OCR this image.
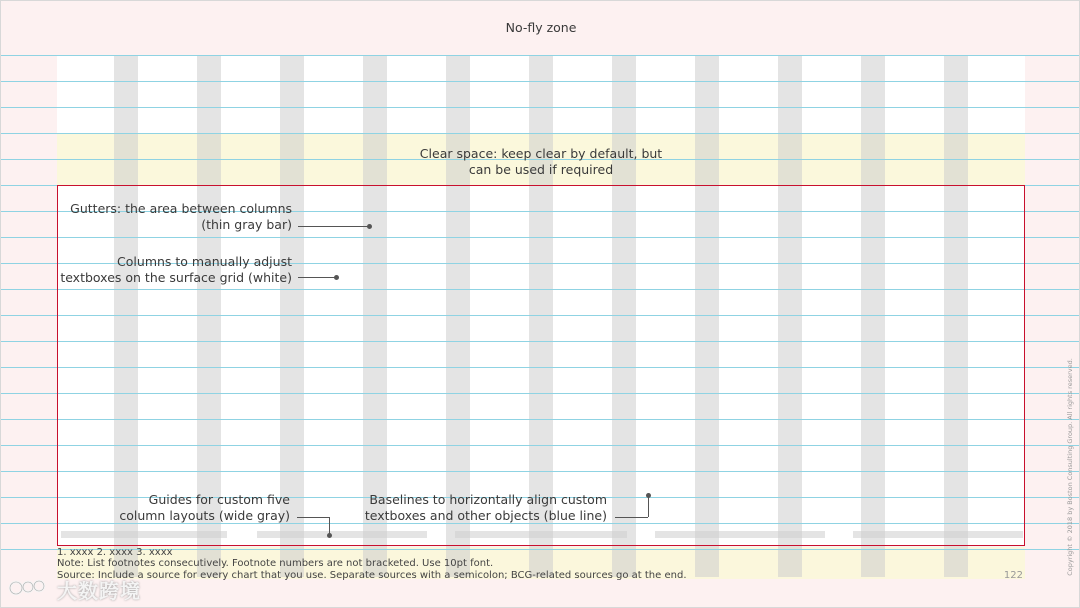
No-fly zone
Clear space: keep clear by default, but
can be used if required
Gutters: the area between columns
(thin gray bar)
Columns to manually adjust
textboxes on the surface grid (white)
Guides for custom five
column layouts (wide gray)
Baselines to horizontally align custom
textboxes and other objects (blue line)
1. xxxx 2. xxxx 3. xxxx
Note: List footnotes consecutively. Footnote numbers are not bracketed. Use 10pt font.
Source: Include a source for every chart that you use. Separate sources with a semicolon; BCG-related sources go at the end.	122	Copyright © 2018 by Boston Consulting Group. All rights reserved.
大数跨境
